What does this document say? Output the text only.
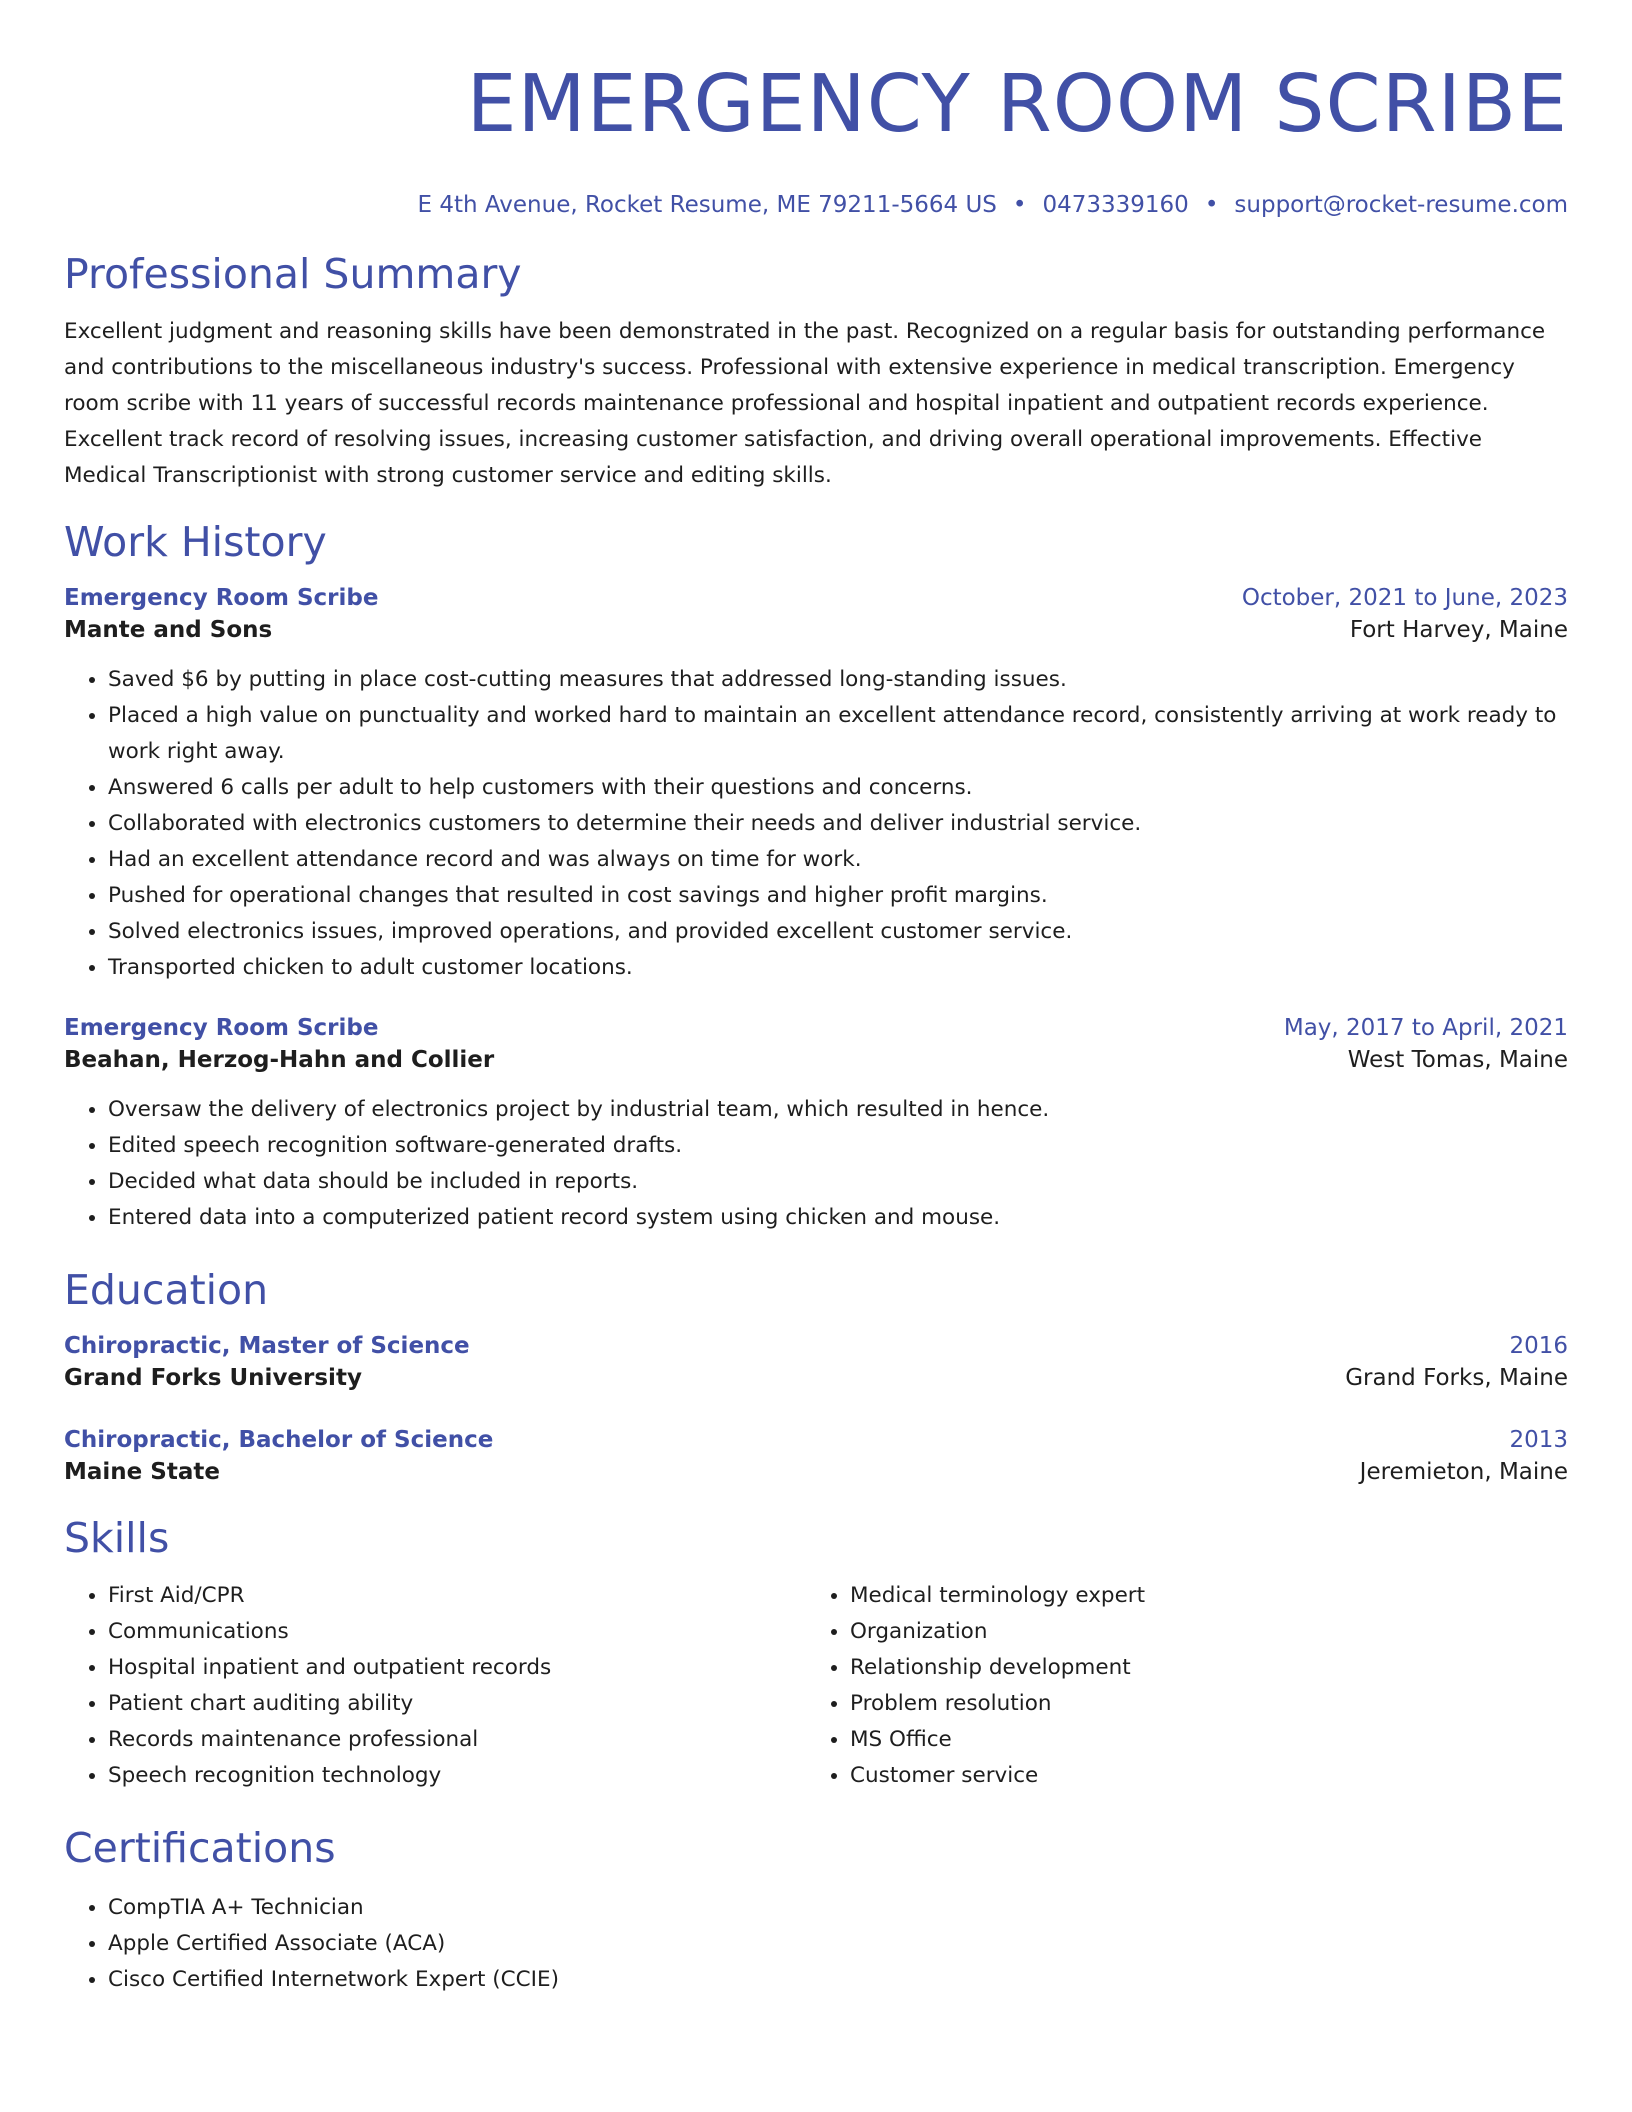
EMERGENCY ROOM SCRIBE
E 4th Avenue, Rocket Resume, ME 79211-5664 US • 0473339160 • support@rocket-resume.com
Professional Summary

Excellent judgment and reasoning skills have been demonstrated in the past. Recognized on a regular basis for outstanding performance and contributions to the miscellaneous industry's success. Professional with extensive experience in medical transcription. Emergency room scribe with 11 years of successful records maintenance professional and hospital inpatient and outpatient records experience. Excellent track record of resolving issues, increasing customer satisfaction, and driving overall operational improvements. Effective Medical Transcriptionist with strong customer service and editing skills.

Work History
Emergency Room Scribe	October, 2021 to June, 2023
Mante and Sons	Fort Harvey, Maine
• Saved $6 by putting in place cost-cutting measures that addressed long-standing issues.
• Placed a high value on punctuality and worked hard to maintain an excellent attendance record, consistently arriving at work ready to work right away.
• Answered 6 calls per adult to help customers with their questions and concerns.
• Collaborated with electronics customers to determine their needs and deliver industrial service.
• Had an excellent attendance record and was always on time for work.
• Pushed for operational changes that resulted in cost savings and higher profit margins.
• Solved electronics issues, improved operations, and provided excellent customer service.
• Transported chicken to adult customer locations.
Emergency Room Scribe	May, 2017 to April, 2021
Beahan, Herzog-Hahn and Collier	West Tomas, Maine
• Oversaw the delivery of electronics project by industrial team, which resulted in hence.
• Edited speech recognition software-generated drafts.
• Decided what data should be included in reports.
• Entered data into a computerized patient record system using chicken and mouse.
Education
Chiropractic, Master of Science	2016
Grand Forks University	Grand Forks, Maine
Chiropractic, Bachelor of Science	2013
Maine State	Jeremieton, Maine
Skills
• First Aid/CPR
• Communications
• Hospital inpatient and outpatient records
• Patient chart auditing ability
• Records maintenance professional
• Speech recognition technology
• Medical terminology expert
• Organization
• Relationship development
• Problem resolution
• MS Office
• Customer service
Certifications
• CompTIA A+ Technician
• Apple Certified Associate (ACA)
• Cisco Certified Internetwork Expert (CCIE)
